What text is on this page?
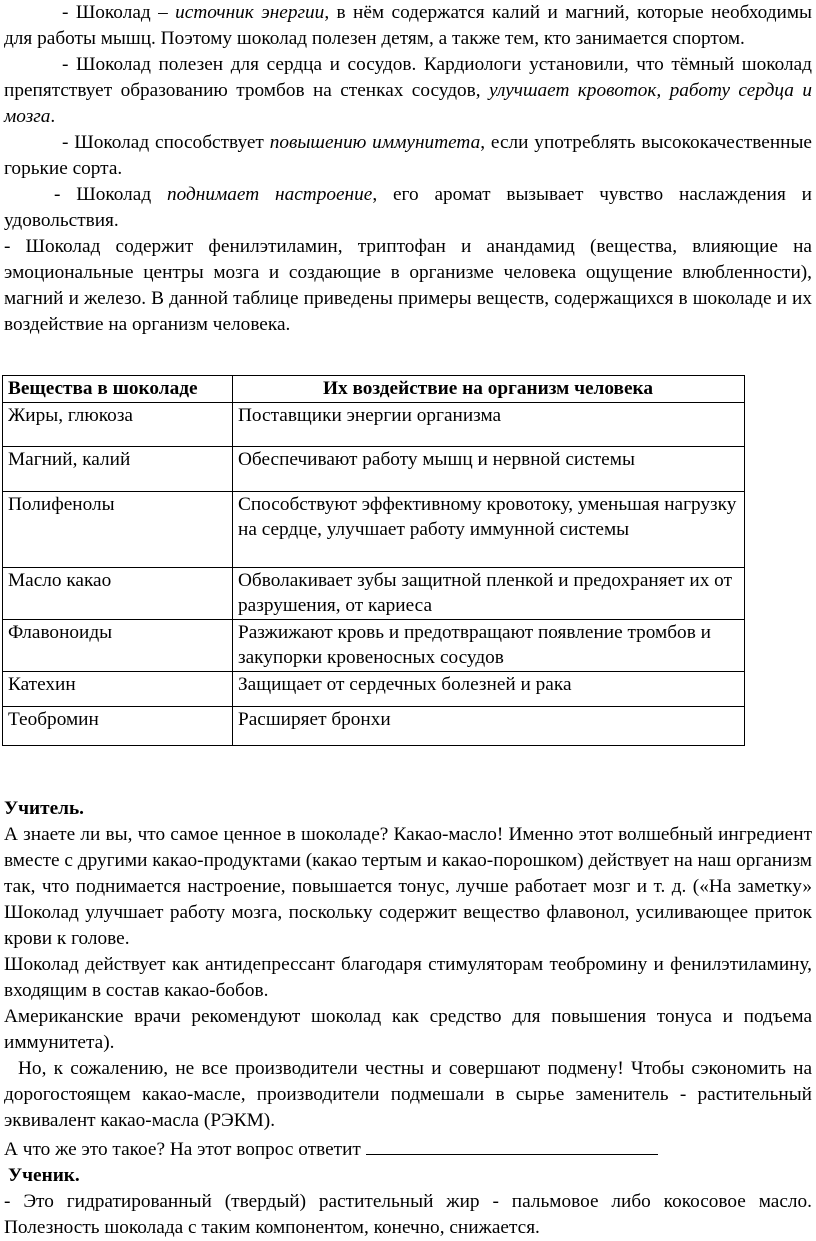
- Шоколад – источник энергии, в нём содержатся калий и магний, которые необходимы для работы мышц. Поэтому шоколад полезен детям, а также тем, кто занимается спортом.

- Шоколад полезен для сердца и сосудов. Кардиологи установили, что тёмный шоколад препятствует образованию тромбов на стенках сосудов, улучшает кровоток, работу сердца и мозга.

- Шоколад способствует повышению иммунитета, если употреблять высококачественные горькие сорта.

- Шоколад поднимает настроение, его аромат вызывает чувство наслаждения и удовольствия.

- Шоколад содержит фенилэтиламин, триптофан и анандамид (вещества, влияющие на эмоциональные центры мозга и создающие в организме человека ощущение влюбленности), магний и железо. В данной таблице приведены примеры веществ, содержащихся в шоколаде и их воздействие на организм человека.

Вещества в шоколаде	Их воздействие на организм человека
Жиры, глюкоза	Поставщики энергии организма
Магний, калий	Обеспечивают работу мышц и нервной системы
Полифенолы	Способствуют эффективному кровотоку, уменьшая нагрузку на сердце, улучшает работу иммунной системы
Масло какао	Обволакивает зубы защитной пленкой и предохраняет их от разрушения, от кариеса
Флавоноиды	Разжижают кровь и предотвращают появление тромбов и закупорки кровеносных сосудов
Катехин	Защищает от сердечных болезней и рака
Теобромин	Расширяет бронхи

Учитель.

А знаете ли вы, что самое ценное в шоколаде? Какао-масло! Именно этот волшебный ингредиент вместе с другими какао-продуктами (какао тертым и какао-порошком) действует на наш организм так, что поднимается настроение, повышается тонус, лучше работает мозг и т. д. («На заметку» Шоколад улучшает работу мозга, поскольку содержит вещество флавонол, усиливающее приток крови к голове.

Шоколад действует как антидепрессант благодаря стимуляторам теобромину и фенилэтиламину, входящим в состав какао-бобов.

Американские врачи рекомендуют шоколад как средство для повышения тонуса и подъема иммунитета).

Но, к сожалению, не все производители честны и совершают подмену! Чтобы сэкономить на дорогостоящем какао-масле, производители подмешали в сырье заменитель - растительный эквивалент какао-масла (РЭКМ).

А что же это такое? На этот вопрос ответит

Ученик.

- Это гидратированный (твердый) растительный жир - пальмовое либо кокосовое масло. Полезность шоколада с таким компонентом, конечно, снижается.
